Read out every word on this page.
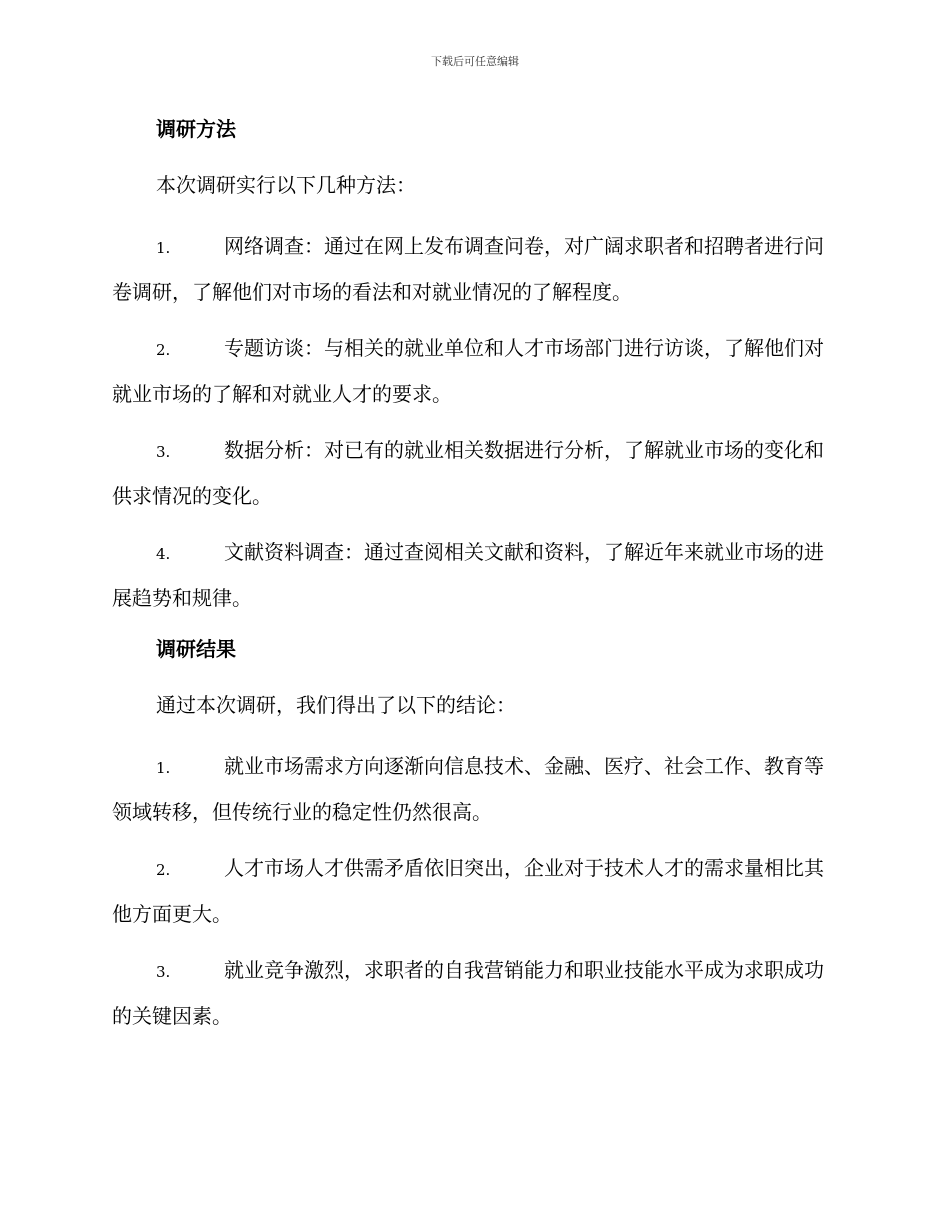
下载后可任意编辑
调研方法
本次调研实行以下几种方法：
1.	网络调查：通过在网上发布调查问卷，对广阔求职者和招聘者进行问卷调研，了解他们对市场的看法和对就业情况的了解程度。
2.	专题访谈：与相关的就业单位和人才市场部门进行访谈，了解他们对就业市场的了解和对就业人才的要求。
3.	数据分析：对已有的就业相关数据进行分析，了解就业市场的变化和供求情况的变化。
4.	文献资料调查：通过查阅相关文献和资料，了解近年来就业市场的进展趋势和规律。
调研结果
通过本次调研，我们得出了以下的结论：
1.	就业市场需求方向逐渐向信息技术、金融、医疗、社会工作、教育等领域转移，但传统行业的稳定性仍然很高。
2.	人才市场人才供需矛盾依旧突出，企业对于技术人才的需求量相比其他方面更大。
3.	就业竞争激烈，求职者的自我营销能力和职业技能水平成为求职成功的关键因素。
